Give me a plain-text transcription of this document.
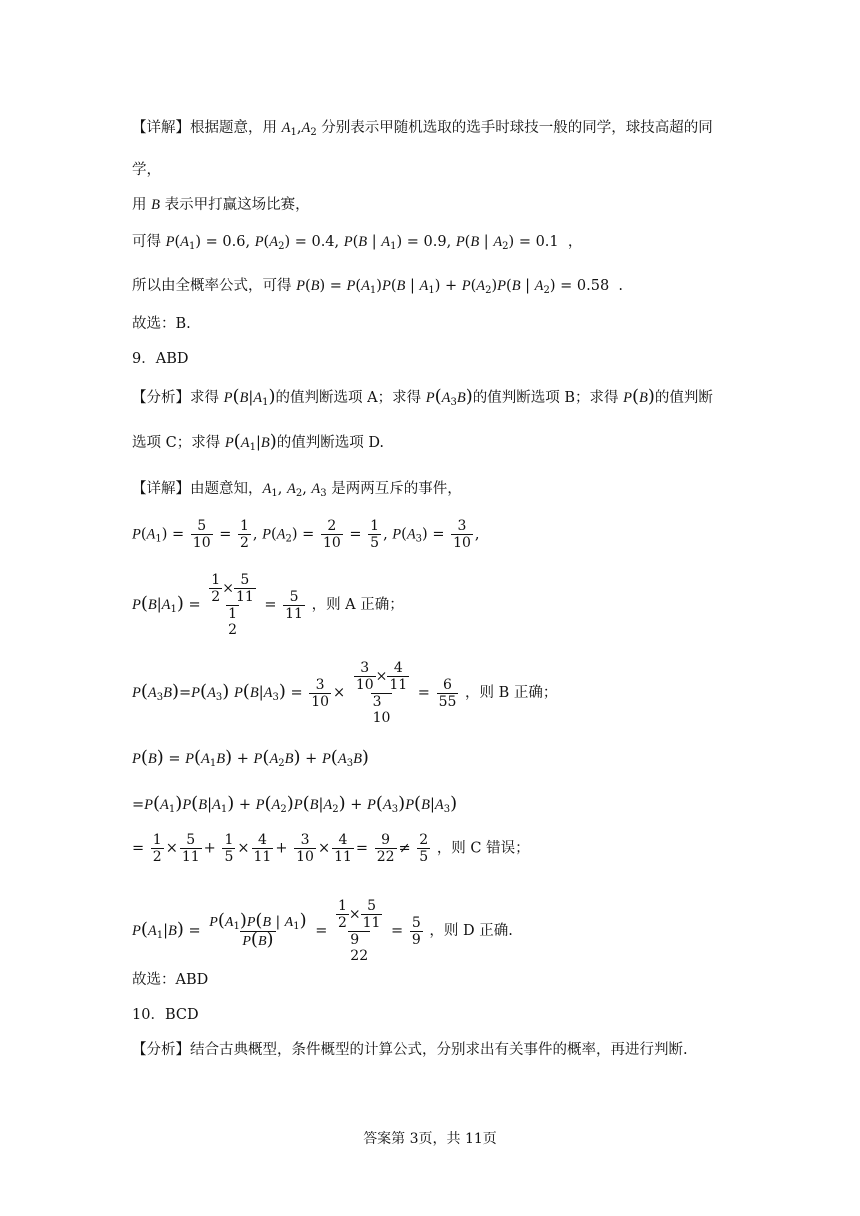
【详解】根据题意，用 $A_1,A_2$ 分别表示甲随机选取的选手时球技一般的同学，球技高超的同
学，
用 B 表示甲打赢这场比赛，
可得 $P(A_1) = 0.6$, $P(A_2) = 0.4$, P(B | $A_1) = 0.9$, P(B | $A_2) = 0.1$  ，
所以由全概率公式，可得 $P(B) = P(A_1)P(B$ | $A_1) + P(A_2)P(B$ | $A_2) = 0.58$  .
故选：B.
9．ABD
【分析】求得 $P(B|A_1)$的值判断选项 A；求得 $P(A_3B)$的值判断选项 B；求得 P(B)的值判断
选项 C；求得 $P(A_1|B)$的值判断选项 D.
【详解】由题意知，$A_1$, $A_2$, $A_3$ 是两两互斥的事件，
$P(A_1) = \frac{5}{10} = \frac{1}{2}$ , $P(A_2) = \frac{2}{10} = \frac{1}{5}$ , $P(A_3) = \frac{3}{10}$ ,
$P(B|A_1) = \frac{1}{2} \times \frac{5}{11}$
1
2
= $\frac{5}{11}$ ，则 A 正确；
$P(A_3B)=P(A_3) P(B|A_3) = \frac{3}{10} \times \frac{3}{10} \times \frac{4}{11}$
3
10
= $\frac{6}{55}$ ，则 B 正确；
$P(B) = P(A_1B) + P(A_2B) + P(A_3B)$
$=P(A_1)P(B|A_1) + P(A_2)P(B|A_2) + P(A_3)P(B|A_3)$
= $\frac{1}{2} \times \frac{5}{11} + \frac{1}{5} \times \frac{4}{11} + \frac{3}{10} \times \frac{4}{11} = \frac{9}{22} \ne \frac{2}{5}$ ，则 C 错误；
$P(A_1|B) = \frac{P(A_1)P(B | A_1)}{P(B)} = \frac{1}{2} \times \frac{5}{11}$
9
22
= $\frac{5}{9}$ ，则 D 正确.
故选：ABD
10．BCD
【分析】结合古典概型，条件概型的计算公式，分别求出有关事件的概率，再进行判断.
答案第 3页，共 11页
